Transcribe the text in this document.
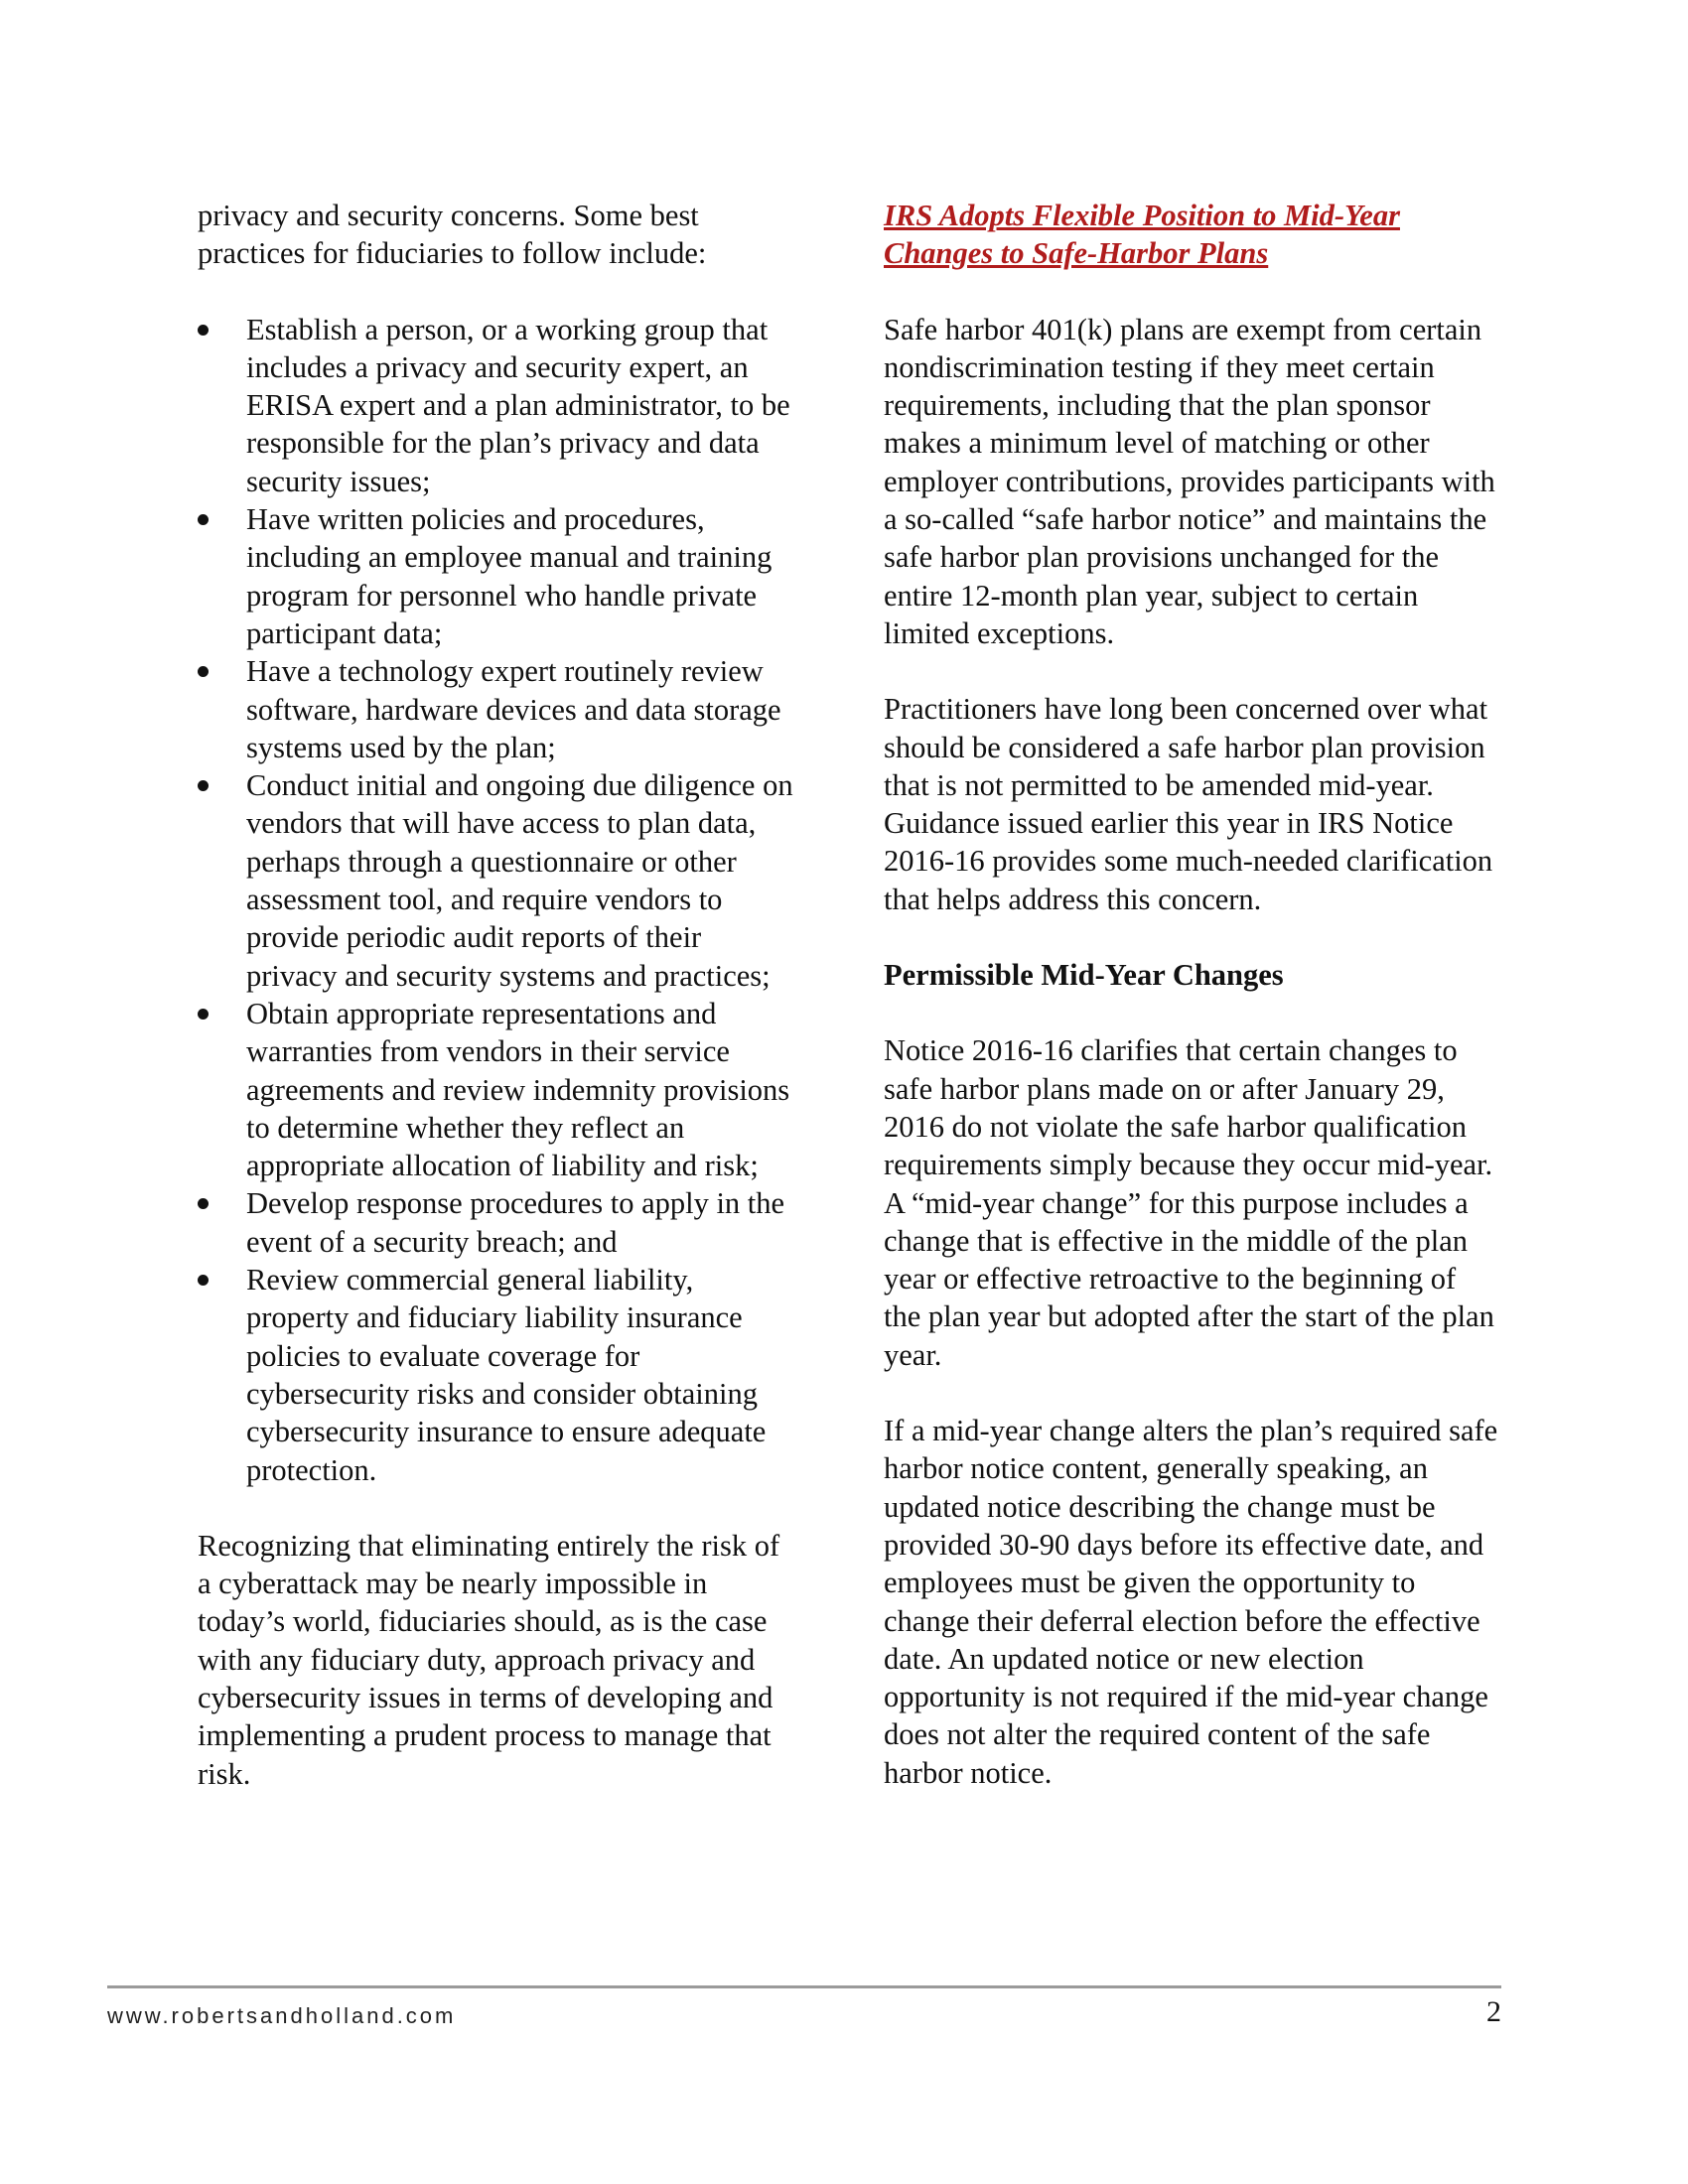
privacy and security concerns. Some best practices for fiduciaries to follow include:

Establish a person, or a working group that includes a privacy and security expert, an ERISA expert and a plan administrator, to be responsible for the plan’s privacy and data security issues;
Have written policies and procedures, including an employee manual and training program for personnel who handle private participant data;
Have a technology expert routinely review software, hardware devices and data storage systems used by the plan;
Conduct initial and ongoing due diligence on vendors that will have access to plan data, perhaps through a questionnaire or other assessment tool, and require vendors to provide periodic audit reports of their privacy and security systems and practices;
Obtain appropriate representations and warranties from vendors in their service agreements and review indemnity provisions to determine whether they reflect an appropriate allocation of liability and risk;
Develop response procedures to apply in the event of a security breach; and
Review commercial general liability, property and fiduciary liability insurance policies to evaluate coverage for cybersecurity risks and consider obtaining cybersecurity insurance to ensure adequate protection.

Recognizing that eliminating entirely the risk of a cyberattack may be nearly impossible in today’s world, fiduciaries should, as is the case with any fiduciary duty, approach privacy and cybersecurity issues in terms of developing and implementing a prudent process to manage that risk.

IRS Adopts Flexible Position to Mid-Year Changes to Safe-Harbor Plans

Safe harbor 401(k) plans are exempt from certain nondiscrimination testing if they meet certain requirements, including that the plan sponsor makes a minimum level of matching or other employer contributions, provides participants with a so-called “safe harbor notice” and maintains the safe harbor plan provisions unchanged for the entire 12-month plan year, subject to certain limited exceptions.

Practitioners have long been concerned over what should be considered a safe harbor plan provision that is not permitted to be amended mid-year. Guidance issued earlier this year in IRS Notice 2016-16 provides some much-needed clarification that helps address this concern.

Permissible Mid-Year Changes

Notice 2016-16 clarifies that certain changes to safe harbor plans made on or after January 29, 2016 do not violate the safe harbor qualification requirements simply because they occur mid-year. A “mid-year change” for this purpose includes a change that is effective in the middle of the plan year or effective retroactive to the beginning of the plan year but adopted after the start of the plan year.

If a mid-year change alters the plan’s required safe harbor notice content, generally speaking, an updated notice describing the change must be provided 30-90 days before its effective date, and employees must be given the opportunity to change their deferral election before the effective date. An updated notice or new election opportunity is not required if the mid-year change does not alter the required content of the safe harbor notice.

www.robertsandholland.com	2
